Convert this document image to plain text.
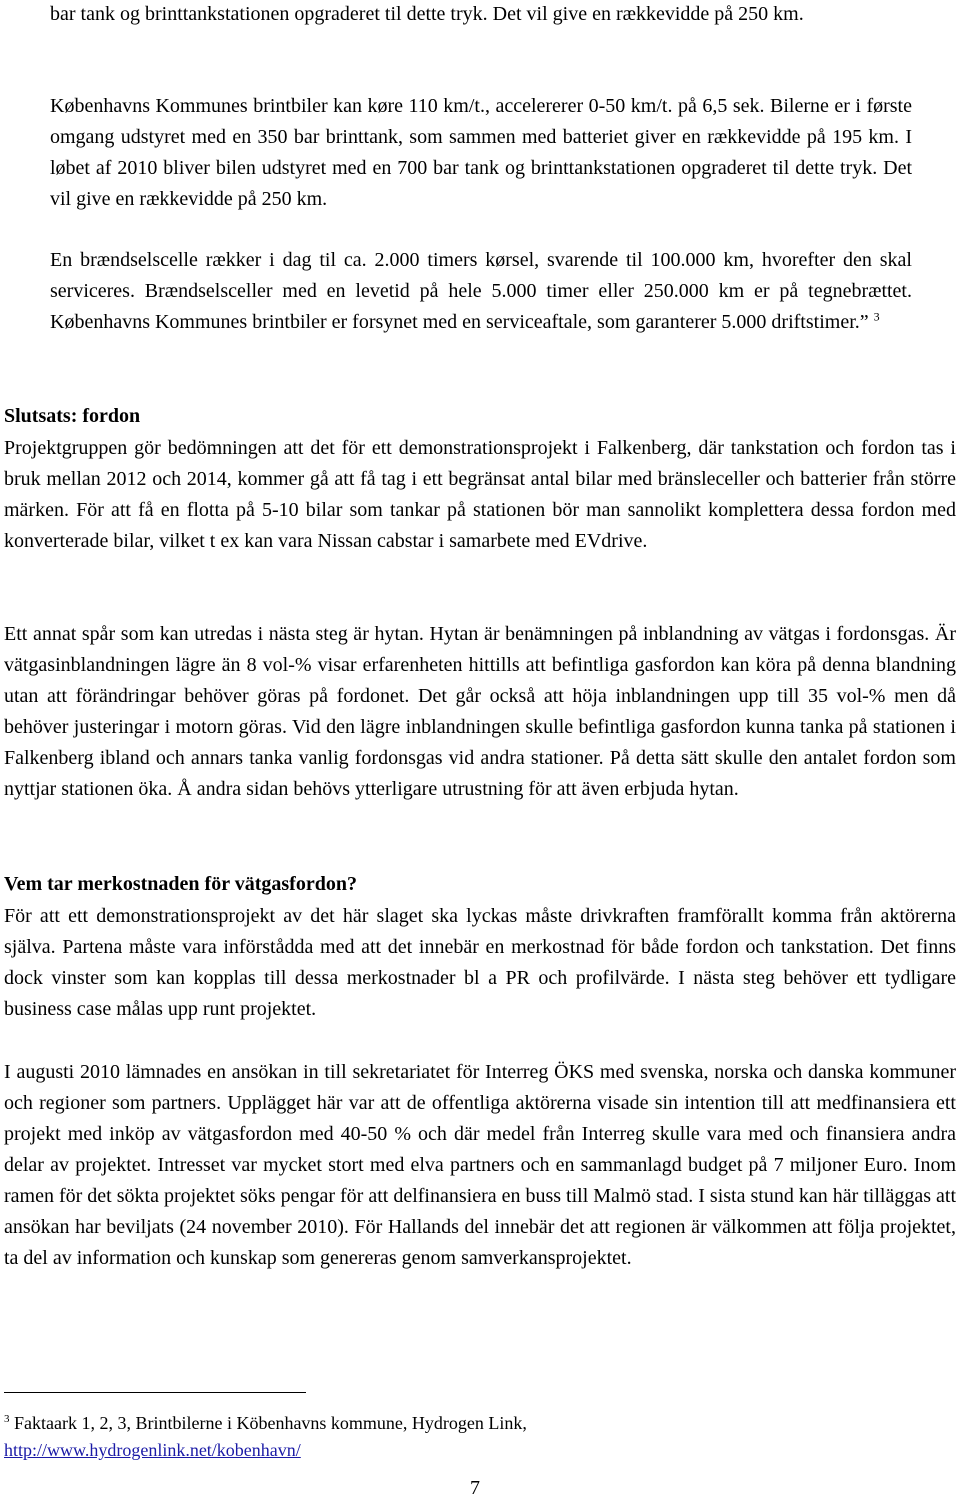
bar tank og brinttankstationen opgraderet til dette tryk. Det vil give en rækkevidde på 250 km.

Københavns Kommunes brintbiler kan køre 110 km/t., accelererer 0-50 km/t. på 6,5 sek. Bilerne er i første omgang udstyret med en 350 bar brinttank, som sammen med batteriet giver en rækkevidde på 195 km. I løbet af 2010 bliver bilen udstyret med en 700 bar tank og brinttankstationen opgraderet til dette tryk. Det vil give en rækkevidde på 250 km.

En brændselscelle rækker i dag til ca. 2.000 timers kørsel, svarende til 100.000 km, hvorefter den skal serviceres. Brændselsceller med en levetid på hele 5.000 timer eller 250.000 km er på tegnebrættet. Københavns Kommunes brintbiler er forsynet med en serviceaftale, som garanterer 5.000 driftstimer.” $^3$

Slutsats: fordon

Projektgruppen gör bedömningen att det för ett demonstrationsprojekt i Falkenberg, där tankstation och fordon tas i bruk mellan 2012 och 2014, kommer gå att få tag i ett begränsat antal bilar med bränsleceller och batterier från större märken. För att få en flotta på 5-10 bilar som tankar på stationen bör man sannolikt komplettera dessa fordon med konverterade bilar, vilket t ex kan vara Nissan cabstar i samarbete med EVdrive.

Ett annat spår som kan utredas i nästa steg är hytan. Hytan är benämningen på inblandning av vätgas i fordonsgas. Är vätgasinblandningen lägre än 8 vol-% visar erfarenheten hittills att befintliga gasfordon kan köra på denna blandning utan att förändringar behöver göras på fordonet. Det går också att höja inblandningen upp till 35 vol-% men då behöver justeringar i motorn göras. Vid den lägre inblandningen skulle befintliga gasfordon kunna tanka på stationen i Falkenberg ibland och annars tanka vanlig fordonsgas vid andra stationer. På detta sätt skulle den antalet fordon som nyttjar stationen öka. Å andra sidan behövs ytterligare utrustning för att även erbjuda hytan.

Vem tar merkostnaden för vätgasfordon?

För att ett demonstrationsprojekt av det här slaget ska lyckas måste drivkraften framförallt komma från aktörerna själva. Partena måste vara införstådda med att det innebär en merkostnad för både fordon och tankstation. Det finns dock vinster som kan kopplas till dessa merkostnader bl a PR och profilvärde. I nästa steg behöver ett tydligare business case målas upp runt projektet.

I augusti 2010 lämnades en ansökan in till sekretariatet för Interreg ÖKS med svenska, norska och danska kommuner och regioner som partners. Upplägget här var att de offentliga aktörerna visade sin intention till att medfinansiera ett projekt med inköp av vätgasfordon med 40-50 % och där medel från Interreg skulle vara med och finansiera andra delar av projektet. Intresset var mycket stort med elva partners och en sammanlagd budget på 7 miljoner Euro. Inom ramen för det sökta projektet söks pengar för att delfinansiera en buss till Malmö stad. I sista stund kan här tilläggas att ansökan har beviljats (24 november 2010). För Hallands del innebär det att regionen är välkommen att följa projektet, ta del av information och kunskap som genereras genom samverkansprojektet.

$^3$ Faktaark 1, 2, 3, Brintbilerne i Köbenhavns kommune, Hydrogen Link,
http://www.hydrogenlink.net/kobenhavn/

7
